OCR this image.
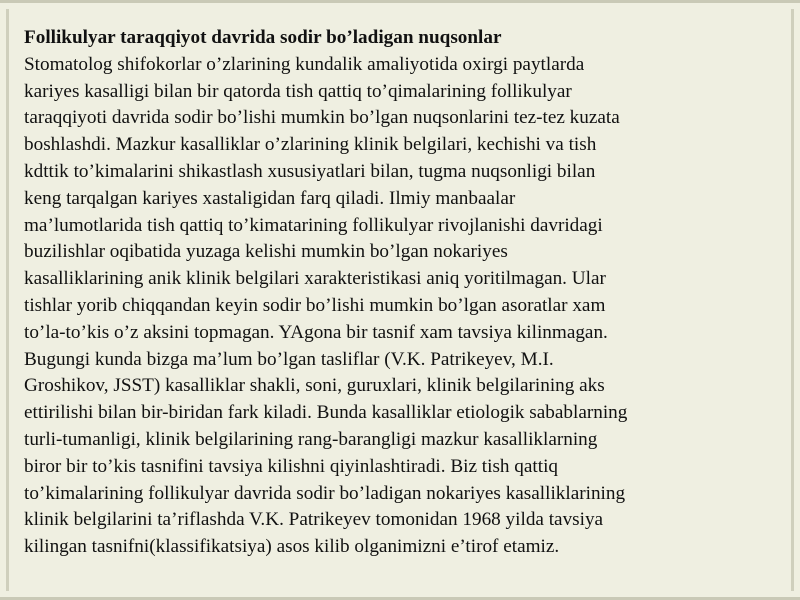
Follikulyar taraqqiyot davrida sodir bo’ladigan nuqsonlar

Stomatolog shifokorlar o’zlarining kundalik amaliyotida oxirgi paytlarda
kariyes kasalligi bilan bir qatorda tish qattiq to’qimalarining follikulyar
taraqqiyoti davrida sodir bo’lishi mumkin bo’lgan nuqsonlarini tez-tez kuzata
boshlashdi. Mazkur kasalliklar o’zlarining klinik belgilari, kechishi va tish
kdttik to’kimalarini shikastlash xususiyatlari bilan, tugma nuqsonligi bilan
keng tarqalgan kariyes xastaligidan farq qiladi. Ilmiy manbaalar
ma’lumotlarida tish qattiq to’kimatarining follikulyar rivojlanishi davridagi
buzilishlar oqibatida yuzaga kelishi mumkin bo’lgan nokariyes
kasalliklarining anik klinik belgilari xarakteristikasi aniq yoritilmagan. Ular
tishlar yorib chiqqandan keyin sodir bo’lishi mumkin bo’lgan asoratlar xam
to’la-to’kis o’z aksini topmagan. YAgona bir tasnif xam tavsiya kilinmagan.
Bugungi kunda bizga ma’lum bo’lgan tasliflar (V.K. Patrikeyev, M.I.
Groshikov, JSST) kasalliklar shakli, soni, guruxlari, klinik belgilarining aks
ettirilishi bilan bir-biridan fark kiladi. Bunda kasalliklar etiologik sabablarning
turli-tumanligi, klinik belgilarining rang-barangligi mazkur kasalliklarning
biror bir to’kis tasnifini tavsiya kilishni qiyinlashtiradi. Biz tish qattiq
to’kimalarining follikulyar davrida sodir bo’ladigan nokariyes kasalliklarining
klinik belgilarini ta’riflashda V.K. Patrikeyev tomonidan 1968 yilda tavsiya
kilingan tasnifni(klassifikatsiya) asos kilib olganimizni e’tirof etamiz.
